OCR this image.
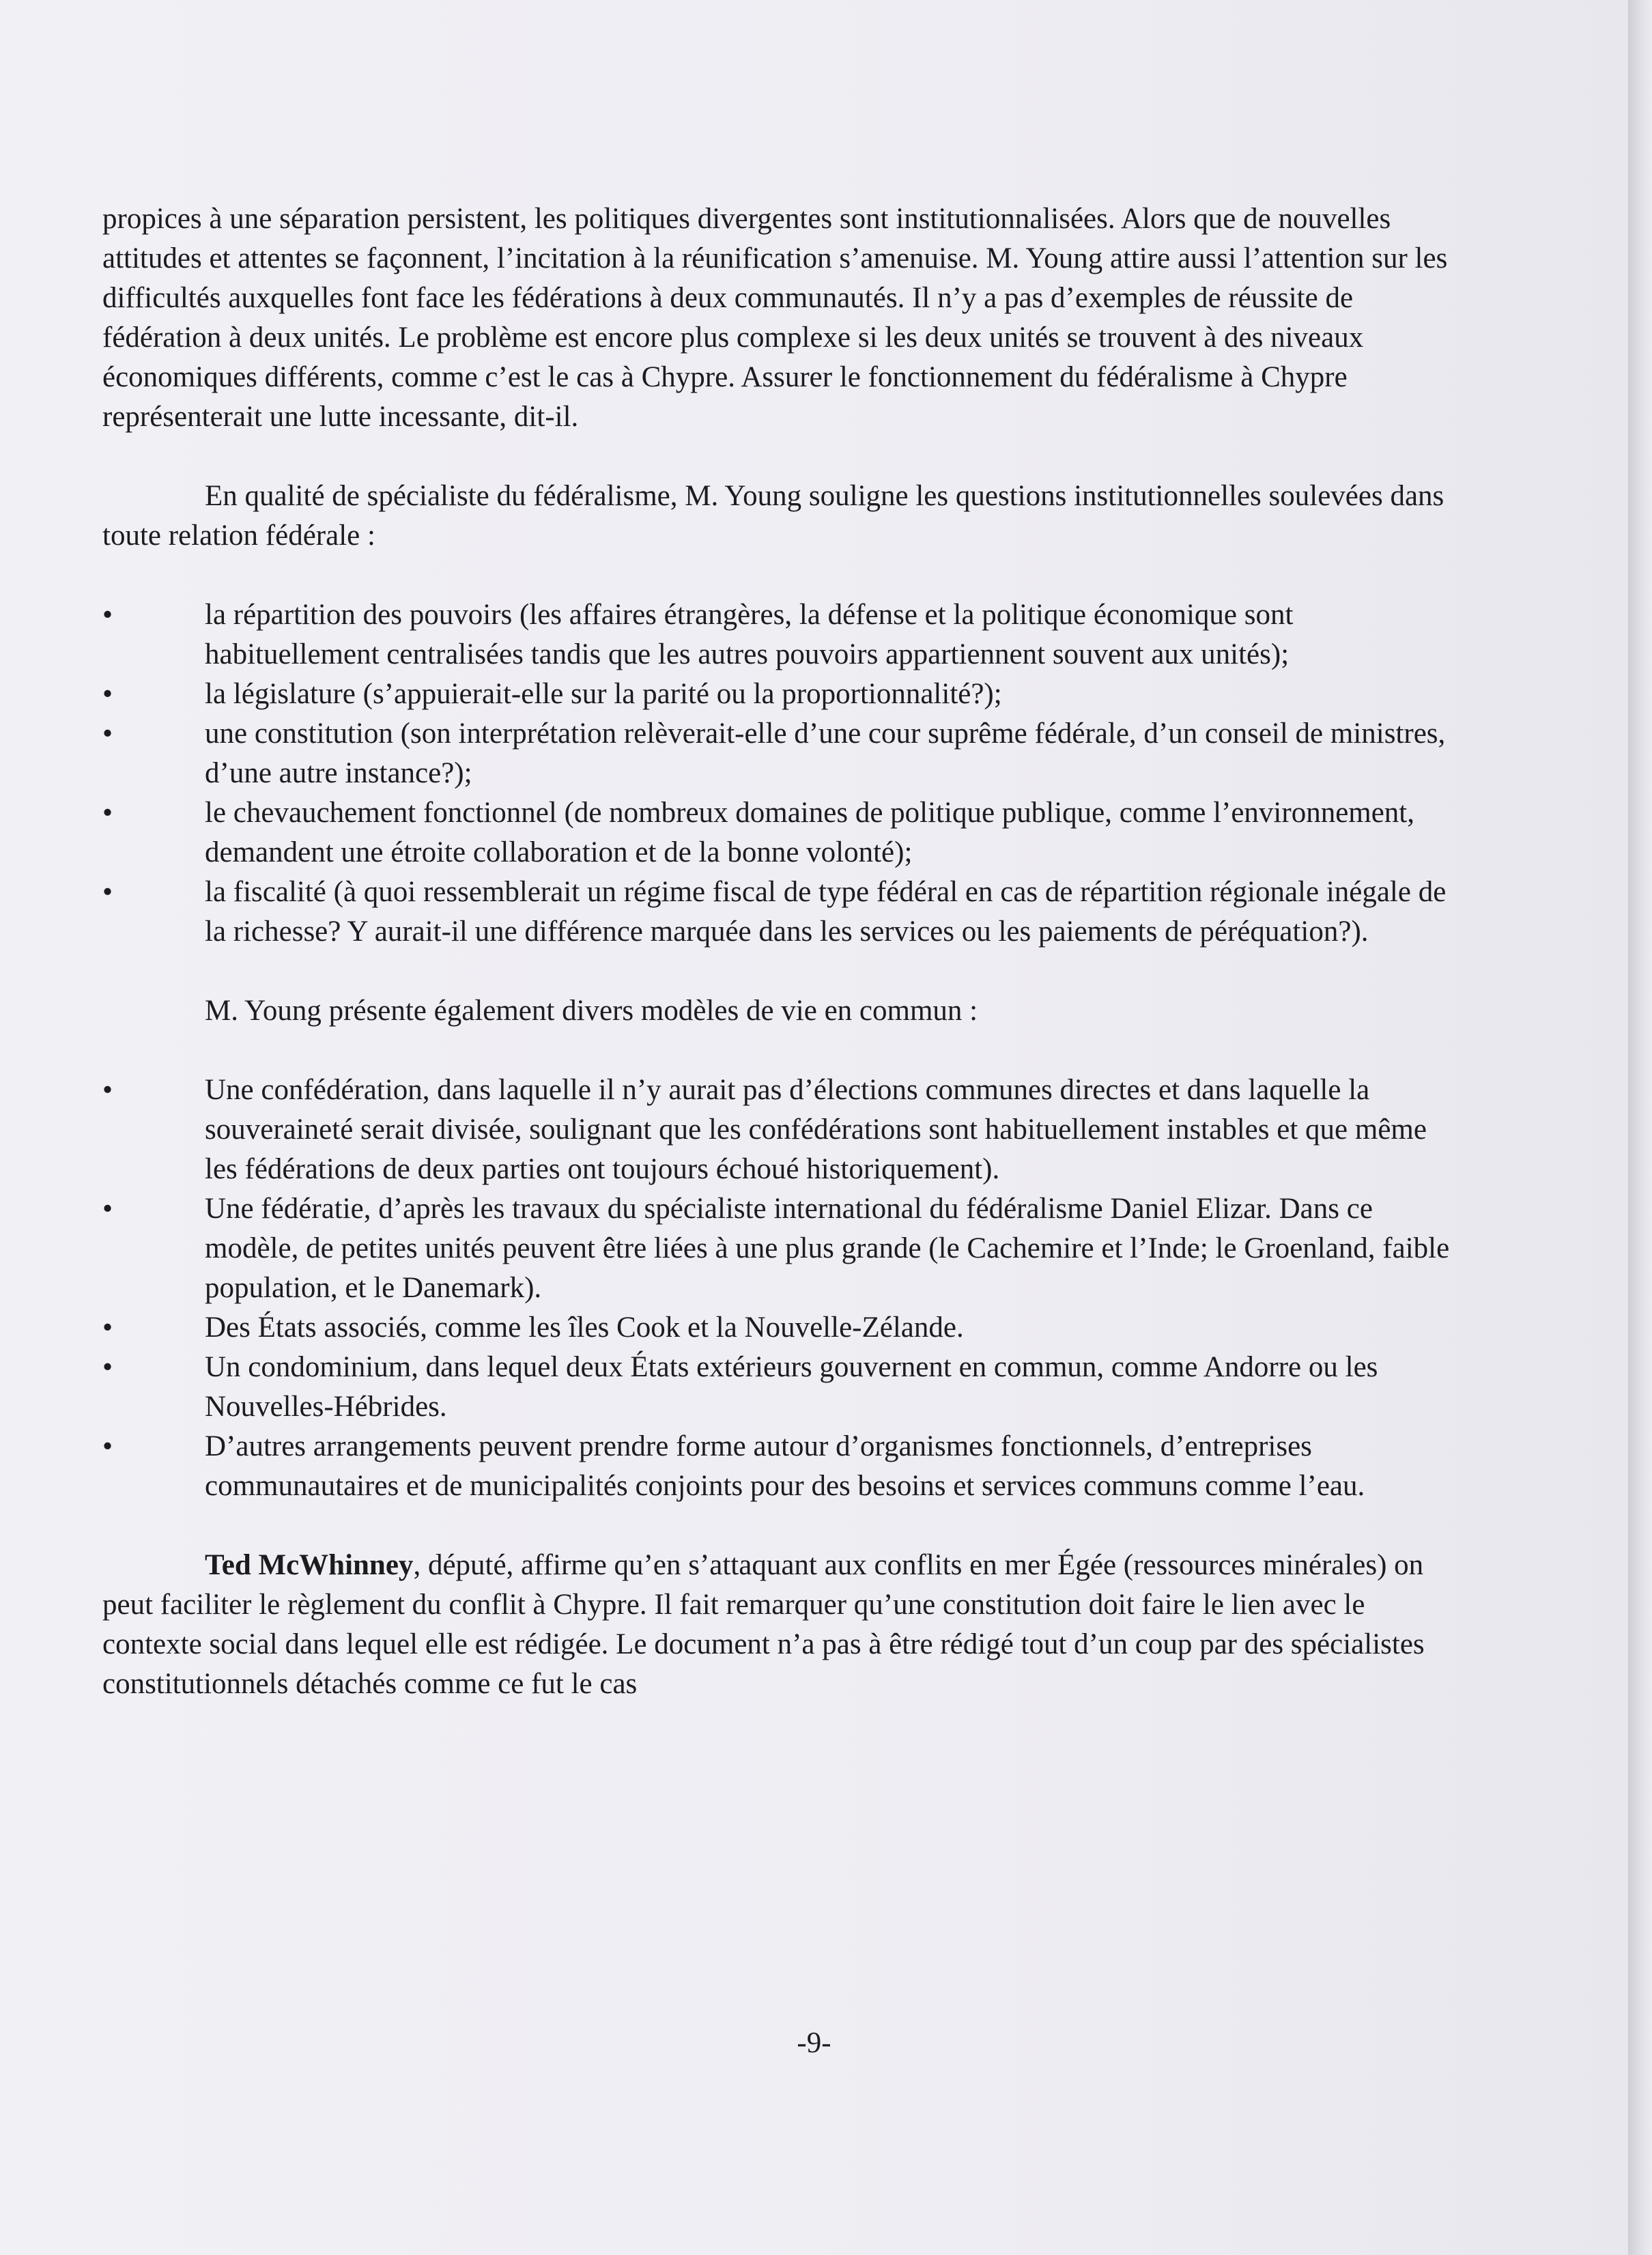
propices à une séparation persistent, les politiques divergentes sont institutionnalisées. Alors que de nouvelles attitudes et attentes se façonnent, l’incitation à la réunification s’amenuise. M. Young attire aussi l’attention sur les difficultés auxquelles font face les fédérations à deux communautés. Il n’y a pas d’exemples de réussite de fédération à deux unités. Le problème est encore plus complexe si les deux unités se trouvent à des niveaux économiques différents, comme c’est le cas à Chypre. Assurer le fonctionnement du fédéralisme à Chypre représenterait une lutte incessante, dit-il.

En qualité de spécialiste du fédéralisme, M. Young souligne les questions institutionnelles soulevées dans toute relation fédérale :

•	la répartition des pouvoirs (les affaires étrangères, la défense et la politique économique sont habituellement centralisées tandis que les autres pouvoirs appartiennent souvent aux unités);
•	la législature (s’appuierait-elle sur la parité ou la proportionnalité?);
•	une constitution (son interprétation relèverait-elle d’une cour suprême fédérale, d’un conseil de ministres, d’une autre instance?);
•	le chevauchement fonctionnel (de nombreux domaines de politique publique, comme l’environnement, demandent une étroite collaboration et de la bonne volonté);
•	la fiscalité (à quoi ressemblerait un régime fiscal de type fédéral en cas de répartition régionale inégale de la richesse? Y aurait-il une différence marquée dans les services ou les paiements de péréquation?).

M. Young présente également divers modèles de vie en commun :

•	Une confédération, dans laquelle il n’y aurait pas d’élections communes directes et dans laquelle la souveraineté serait divisée, soulignant que les confédérations sont habituellement instables et que même les fédérations de deux parties ont toujours échoué historiquement).
•	Une fédératie, d’après les travaux du spécialiste international du fédéralisme Daniel Elizar. Dans ce modèle, de petites unités peuvent être liées à une plus grande (le Cachemire et l’Inde; le Groenland, faible population, et le Danemark).
•	Des États associés, comme les îles Cook et la Nouvelle-Zélande.
•	Un condominium, dans lequel deux États extérieurs gouvernent en commun, comme Andorre ou les Nouvelles-Hébrides.
•	D’autres arrangements peuvent prendre forme autour d’organismes fonctionnels, d’entreprises communautaires et de municipalités conjoints pour des besoins et services communs comme l’eau.

Ted McWhinney, député, affirme qu’en s’attaquant aux conflits en mer Égée (ressources minérales) on peut faciliter le règlement du conflit à Chypre. Il fait remarquer qu’une constitution doit faire le lien avec le contexte social dans lequel elle est rédigée. Le document n’a pas à être rédigé tout d’un coup par des spécialistes constitutionnels détachés comme ce fut le cas

-9-
